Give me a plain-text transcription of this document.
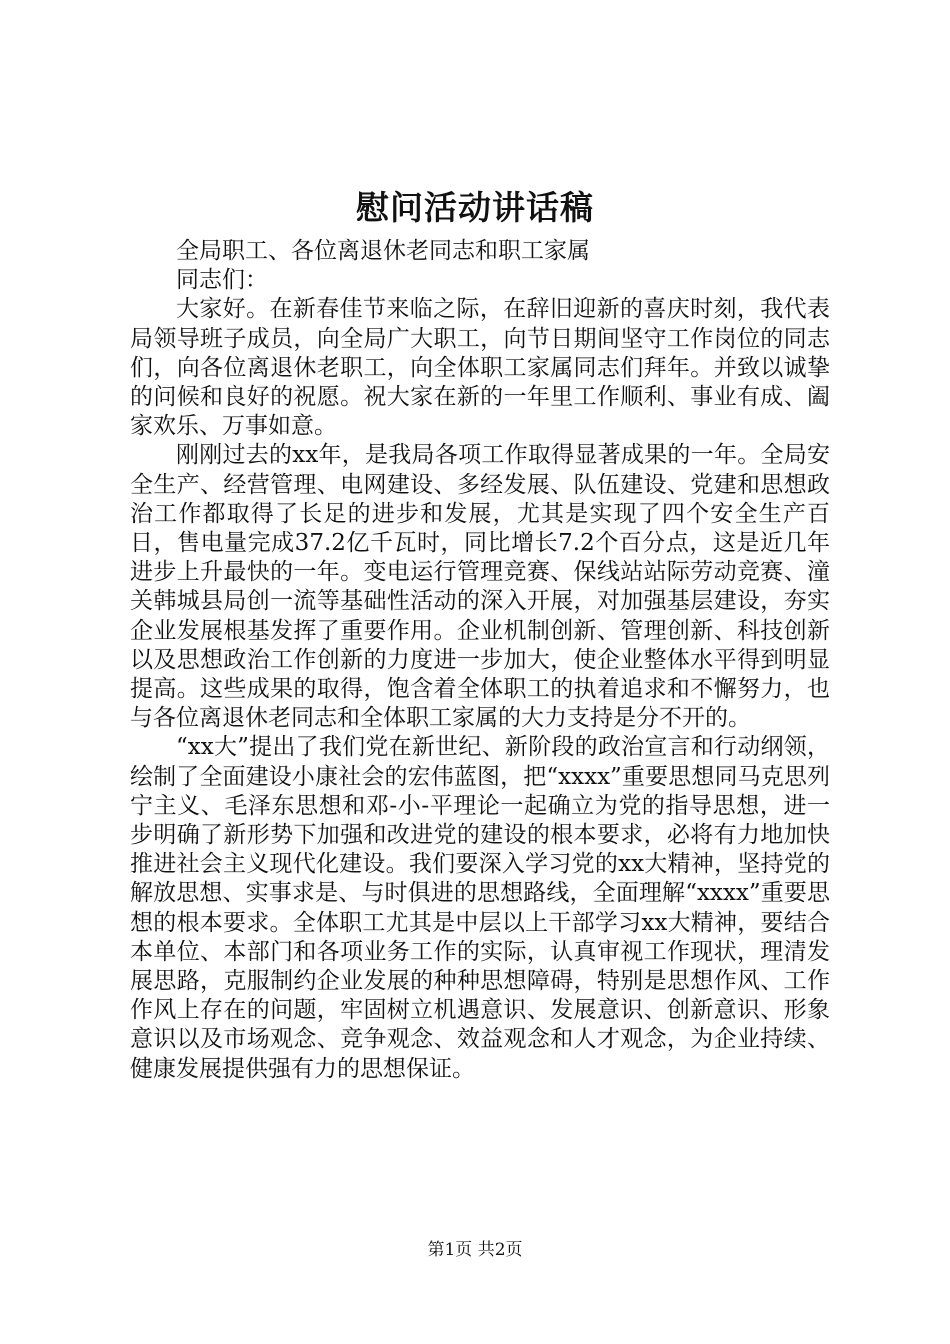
慰问活动讲话稿

全局职工、各位离退休老同志和职工家属

同志们：

大家好。在新春佳节来临之际，在辞旧迎新的喜庆时刻，我代表局领导班子成员，向全局广大职工，向节日期间坚守工作岗位的同志们，向各位离退休老职工，向全体职工家属同志们拜年。并致以诚挚的问候和良好的祝愿。祝大家在新的一年里工作顺利、事业有成、阖家欢乐、万事如意。

刚刚过去的xx年，是我局各项工作取得显著成果的一年。全局安全生产、经营管理、电网建设、多经发展、队伍建设、党建和思想政治工作都取得了长足的进步和发展，尤其是实现了四个安全生产百日，售电量完成37.2亿千瓦时，同比增长7.2个百分点，这是近几年进步上升最快的一年。变电运行管理竞赛、保线站站际劳动竞赛、潼关韩城县局创一流等基础性活动的深入开展，对加强基层建设，夯实企业发展根基发挥了重要作用。企业机制创新、管理创新、科技创新以及思想政治工作创新的力度进一步加大，使企业整体水平得到明显提高。这些成果的取得，饱含着全体职工的执着追求和不懈努力，也与各位离退休老同志和全体职工家属的大力支持是分不开的。

“xx大”提出了我们党在新世纪、新阶段的政治宣言和行动纲领，绘制了全面建设小康社会的宏伟蓝图，把“xxxx”重要思想同马克思列宁主义、毛泽东思想和邓-小-平理论一起确立为党的指导思想，进一步明确了新形势下加强和改进党的建设的根本要求，必将有力地加快推进社会主义现代化建设。我们要深入学习党的xx大精神，坚持党的解放思想、实事求是、与时俱进的思想路线，全面理解“xxxx”重要思想的根本要求。全体职工尤其是中层以上干部学习xx大精神，要结合本单位、本部门和各项业务工作的实际，认真审视工作现状，理清发展思路，克服制约企业发展的种种思想障碍，特别是思想作风、工作作风上存在的问题，牢固树立机遇意识、发展意识、创新意识、形象意识以及市场观念、竞争观念、效益观念和人才观念，为企业持续、健康发展提供强有力的思想保证。

第1页 共2页
